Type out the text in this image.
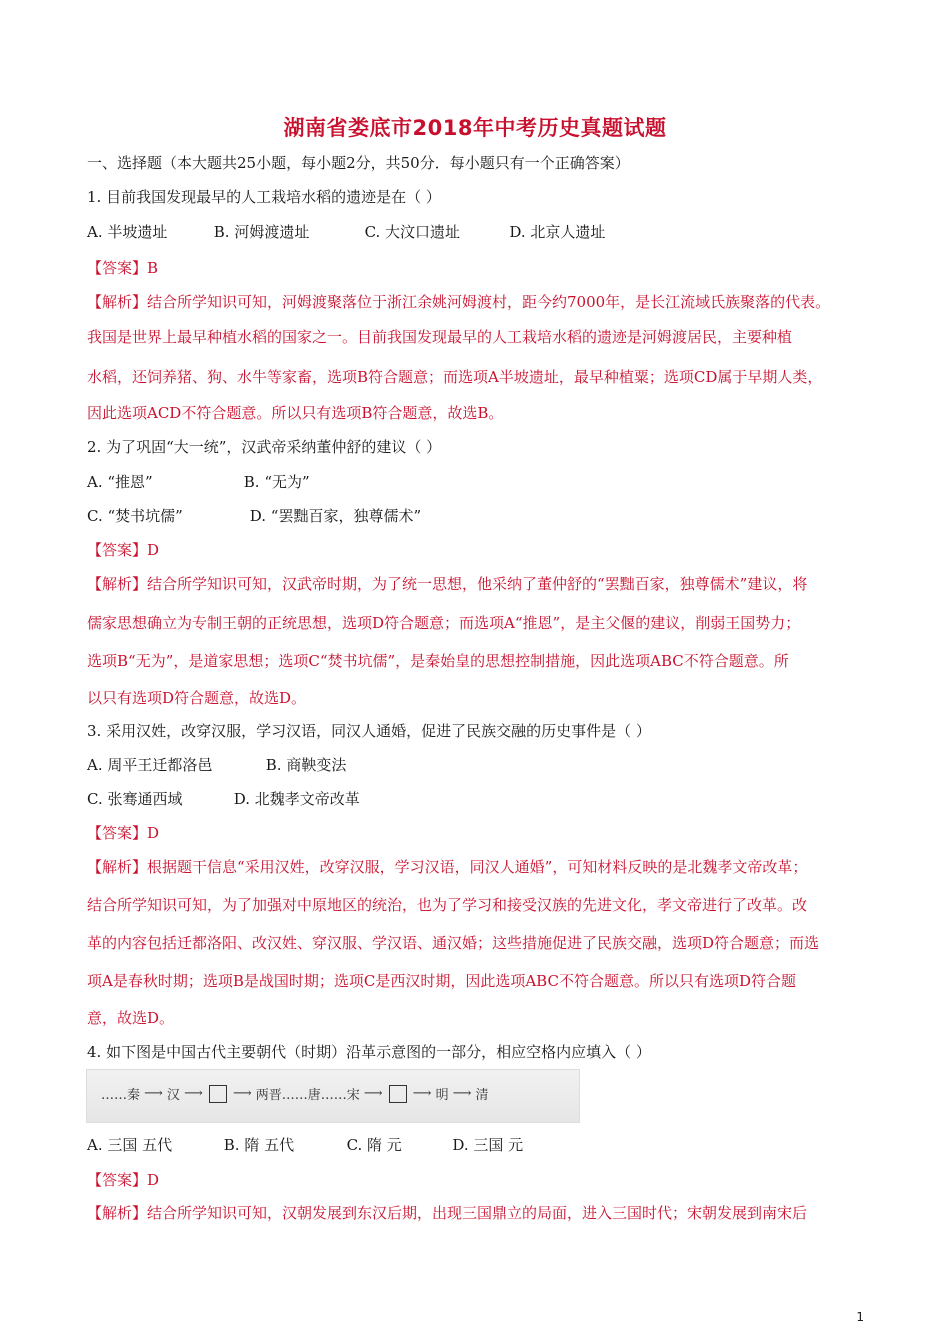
湖南省娄底市2018年中考历史真题试题
一、选择题（本大题共25小题，每小题2分，共50分．每小题只有一个正确答案）
1. 目前我国发现最早的人工栽培水稻的遗迹是在（ ）
A. 半坡遗址	B. 河姆渡遗址	C. 大汶口遗址	D. 北京人遗址
【答案】B
【解析】结合所学知识可知，河姆渡聚落位于浙江余姚河姆渡村，距今约7000年，是长江流域氏族聚落的代表。
我国是世界上最早种植水稻的国家之一。目前我国发现最早的人工栽培水稻的遗迹是河姆渡居民，主要种植
水稻，还饲养猪、狗、水牛等家畜，选项B符合题意；而选项A半坡遗址，最早种植粟；选项CD属于早期人类，
因此选项ACD不符合题意。所以只有选项B符合题意，故选B。
2. 为了巩固“大一统”，汉武帝采纳董仲舒的建议（ ）
A. “推恩”	B. “无为”
C. “焚书坑儒”	D. “罢黜百家，独尊儒术”
【答案】D
【解析】结合所学知识可知，汉武帝时期，为了统一思想，他采纳了董仲舒的“罢黜百家，独尊儒术”建议，将
儒家思想确立为专制王朝的正统思想，选项D符合题意；而选项A“推恩”，是主父偃的建议，削弱王国势力；
选项B“无为”，是道家思想；选项C“焚书坑儒”，是秦始皇的思想控制措施，因此选项ABC不符合题意。所
以只有选项D符合题意，故选D。
3. 采用汉姓，改穿汉服，学习汉语，同汉人通婚，促进了民族交融的历史事件是（ ）
A. 周平王迁都洛邑	B. 商鞅变法
C. 张骞通西域	D. 北魏孝文帝改革
【答案】D
【解析】根据题干信息“采用汉姓，改穿汉服，学习汉语，同汉人通婚”，可知材料反映的是北魏孝文帝改革；
结合所学知识可知，为了加强对中原地区的统治，也为了学习和接受汉族的先进文化，孝文帝进行了改革。改
革的内容包括迁都洛阳、改汉姓、穿汉服、学汉语、通汉婚；这些措施促进了民族交融，选项D符合题意；而选
项A是春秋时期；选项B是战国时期；选项C是西汉时期，因此选项ABC不符合题意。所以只有选项D符合题
意，故选D。
4. 如下图是中国古代主要朝代（时期）沿革示意图的一部分，相应空格内应填入（ ）
……秦 ⟶ 汉 ⟶ ⟶ 两晋……唐……宋 ⟶ ⟶ 明 ⟶ 清
A. 三国 五代	B. 隋 五代	C. 隋 元	D. 三国 元
【答案】D
【解析】结合所学知识可知，汉朝发展到东汉后期，出现三国鼎立的局面，进入三国时代；宋朝发展到南宋后
1
